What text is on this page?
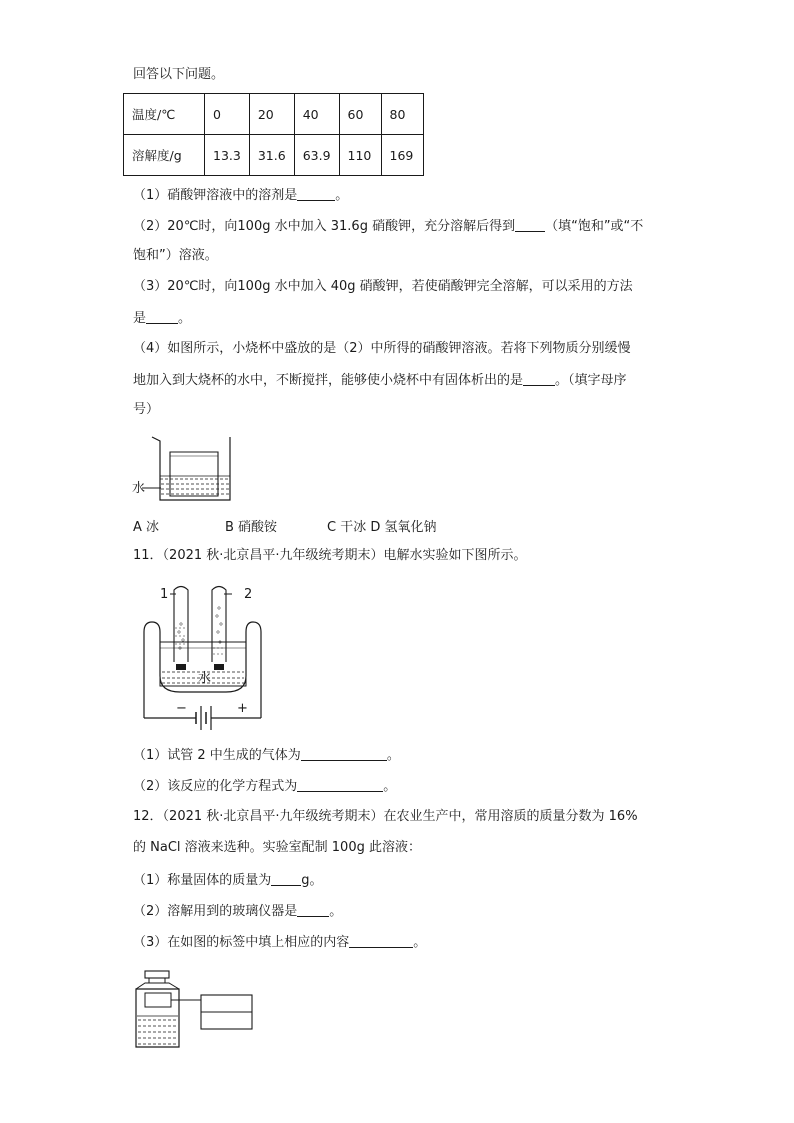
回答以下问题。
温度/℃	0	20	40	60	80
溶解度/g	13.3	31.6	63.9	110	169
（1）硝酸钾溶液中的溶剂是	。
（2）20℃时，向100g 水中加入 31.6g 硝酸钾，充分溶解后得到 （填“饱和”或“不
饱和”）溶液。
（3）20℃时，向100g 水中加入 40g 硝酸钾，若使硝酸钾完全溶解，可以采用的方法
是 。
（4）如图所示，小烧杯中盛放的是（2）中所得的硝酸钾溶液。若将下列物质分别缓慢
地加入到大烧杯的水中，不断搅拌，能够使小烧杯中有固体析出的是 。（填字母序
号）
水
A 冰	B 硝酸铵	C 干冰 D 氢氧化钠
11．（2021 秋·北京昌平·九年级统考期末）电解水实验如下图所示。
1	2
水
−	+
（1）试管 2 中生成的气体为	。
（2）该反应的化学方程式为	。
12．（2021 秋·北京昌平·九年级统考期末）在农业生产中，常用溶质的质量分数为 16%
的 NaCl 溶液来选种。实验室配制 100g 此溶液：
（1）称量固体的质量为 g。
（2）溶解用到的玻璃仪器是 。
（3）在如图的标签中填上相应的内容	。
